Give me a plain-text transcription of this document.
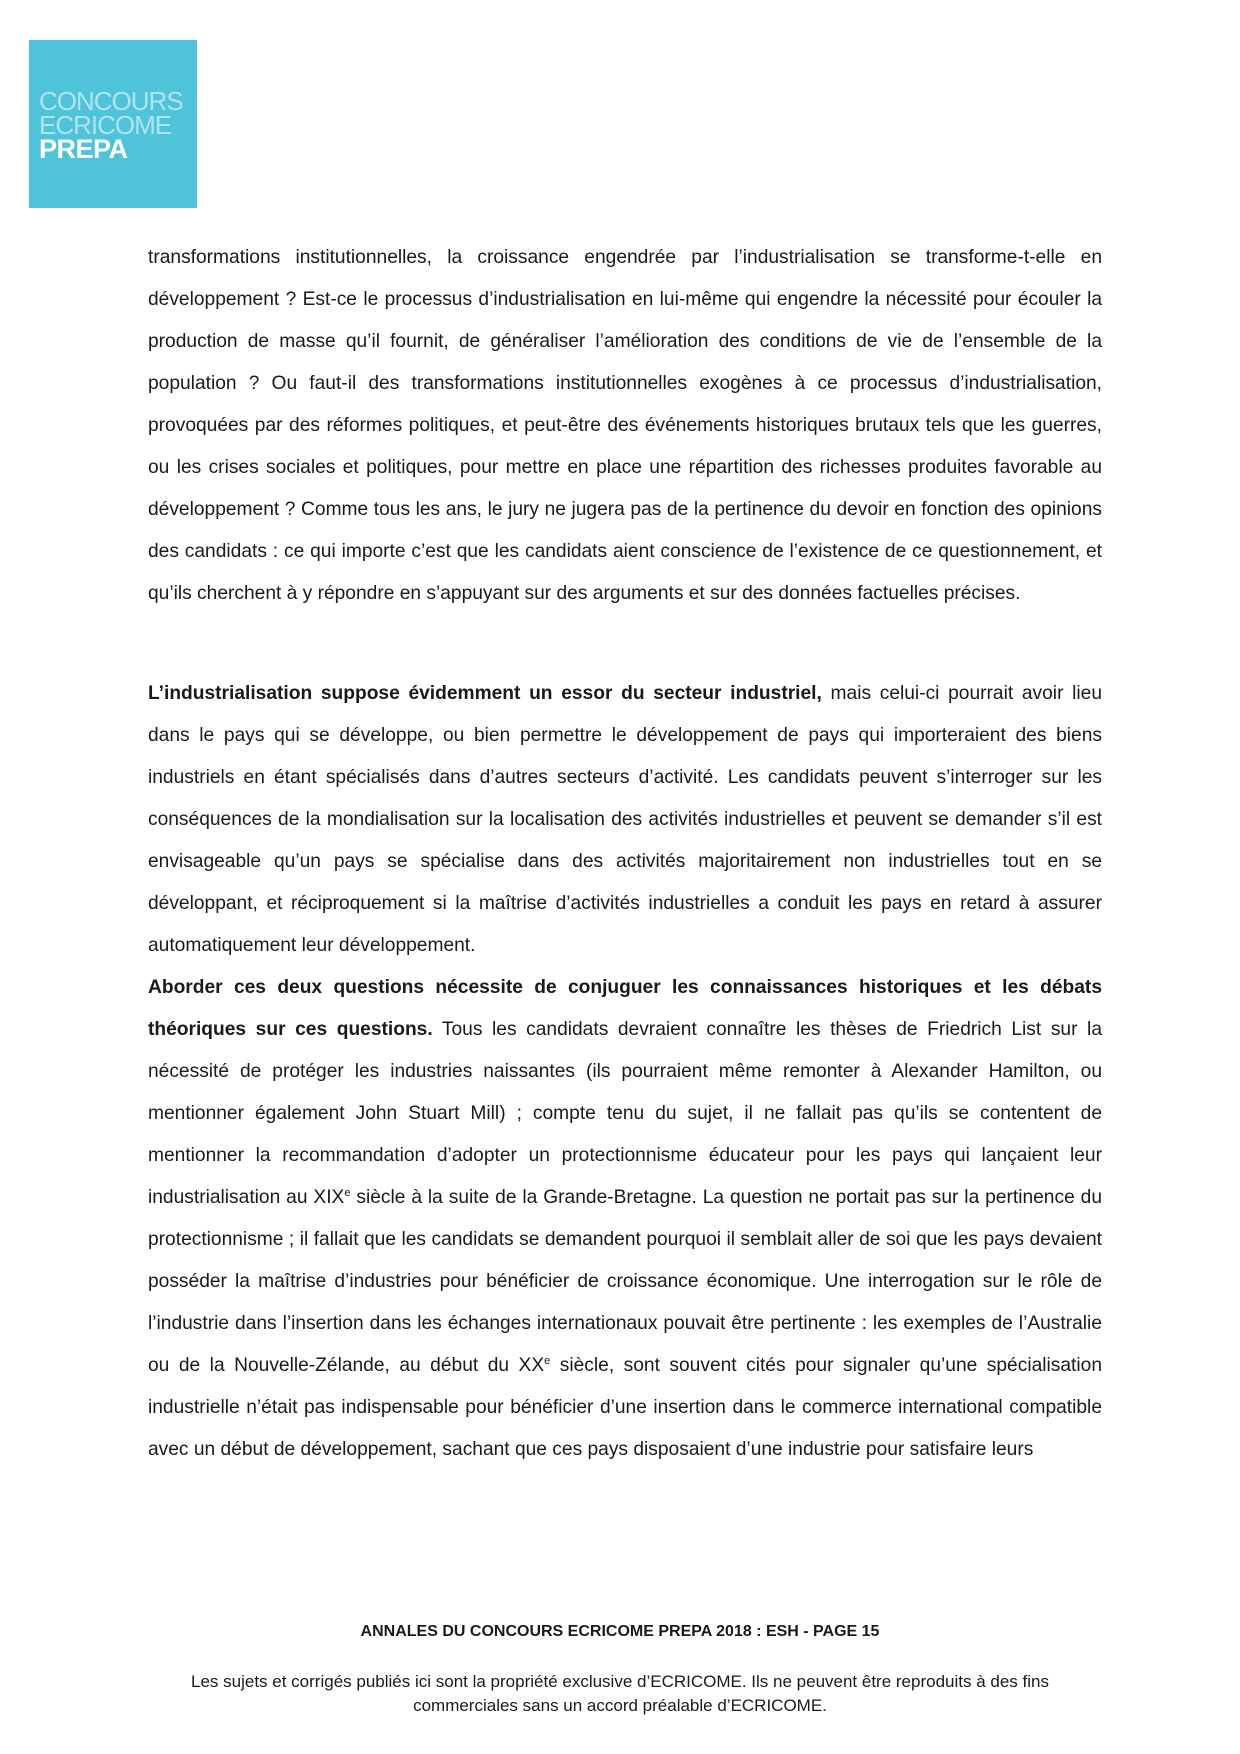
CONCOURS
ECRICOME
PREPA

transformations institutionnelles, la croissance engendrée par l’industrialisation se transforme-t-elle en développement ? Est-ce le processus d’industrialisation en lui-même qui engendre la nécessité pour écouler la production de masse qu’il fournit, de généraliser l’amélioration des conditions de vie de l’ensemble de la population ? Ou faut-il des transformations institutionnelles exogènes à ce processus d’industrialisation, provoquées par des réformes politiques, et peut-être des événements historiques brutaux tels que les guerres, ou les crises sociales et politiques, pour mettre en place une répartition des richesses produites favorable au développement ? Comme tous les ans, le jury ne jugera pas de la pertinence du devoir en fonction des opinions des candidats : ce qui importe c’est que les candidats aient conscience de l’existence de ce questionnement, et qu’ils cherchent à y répondre en s’appuyant sur des arguments et sur des données factuelles précises.

L’industrialisation suppose évidemment un essor du secteur industriel, mais celui-ci pourrait avoir lieu dans le pays qui se développe, ou bien permettre le développement de pays qui importeraient des biens industriels en étant spécialisés dans d’autres secteurs d’activité. Les candidats peuvent s’interroger sur les conséquences de la mondialisation sur la localisation des activités industrielles et peuvent se demander s’il est envisageable qu’un pays se spécialise dans des activités majoritairement non industrielles tout en se développant, et réciproquement si la maîtrise d’activités industrielles a conduit les pays en retard à assurer automatiquement leur développement.

Aborder ces deux questions nécessite de conjuguer les connaissances historiques et les débats théoriques sur ces questions. Tous les candidats devraient connaître les thèses de Friedrich List sur la nécessité de protéger les industries naissantes (ils pourraient même remonter à Alexander Hamilton, ou mentionner également John Stuart Mill) ; compte tenu du sujet, il ne fallait pas qu’ils se contentent de mentionner la recommandation d’adopter un protectionnisme éducateur pour les pays qui lançaient leur industrialisation au XIXe siècle à la suite de la Grande-Bretagne. La question ne portait pas sur la pertinence du protectionnisme ; il fallait que les candidats se demandent pourquoi il semblait aller de soi que les pays devaient posséder la maîtrise d’industries pour bénéficier de croissance économique. Une interrogation sur le rôle de l’industrie dans l’insertion dans les échanges internationaux pouvait être pertinente : les exemples de l’Australie ou de la Nouvelle-Zélande, au début du XXe siècle, sont souvent cités pour signaler qu’une spécialisation industrielle n’était pas indispensable pour bénéficier d’une insertion dans le commerce international compatible avec un début de développement, sachant que ces pays disposaient d’une industrie pour satisfaire leurs

ANNALES DU CONCOURS ECRICOME PREPA 2018 : ESH - PAGE 15
Les sujets et corrigés publiés ici sont la propriété exclusive d’ECRICOME. Ils ne peuvent être reproduits à des fins commerciales sans un accord préalable d’ECRICOME.
